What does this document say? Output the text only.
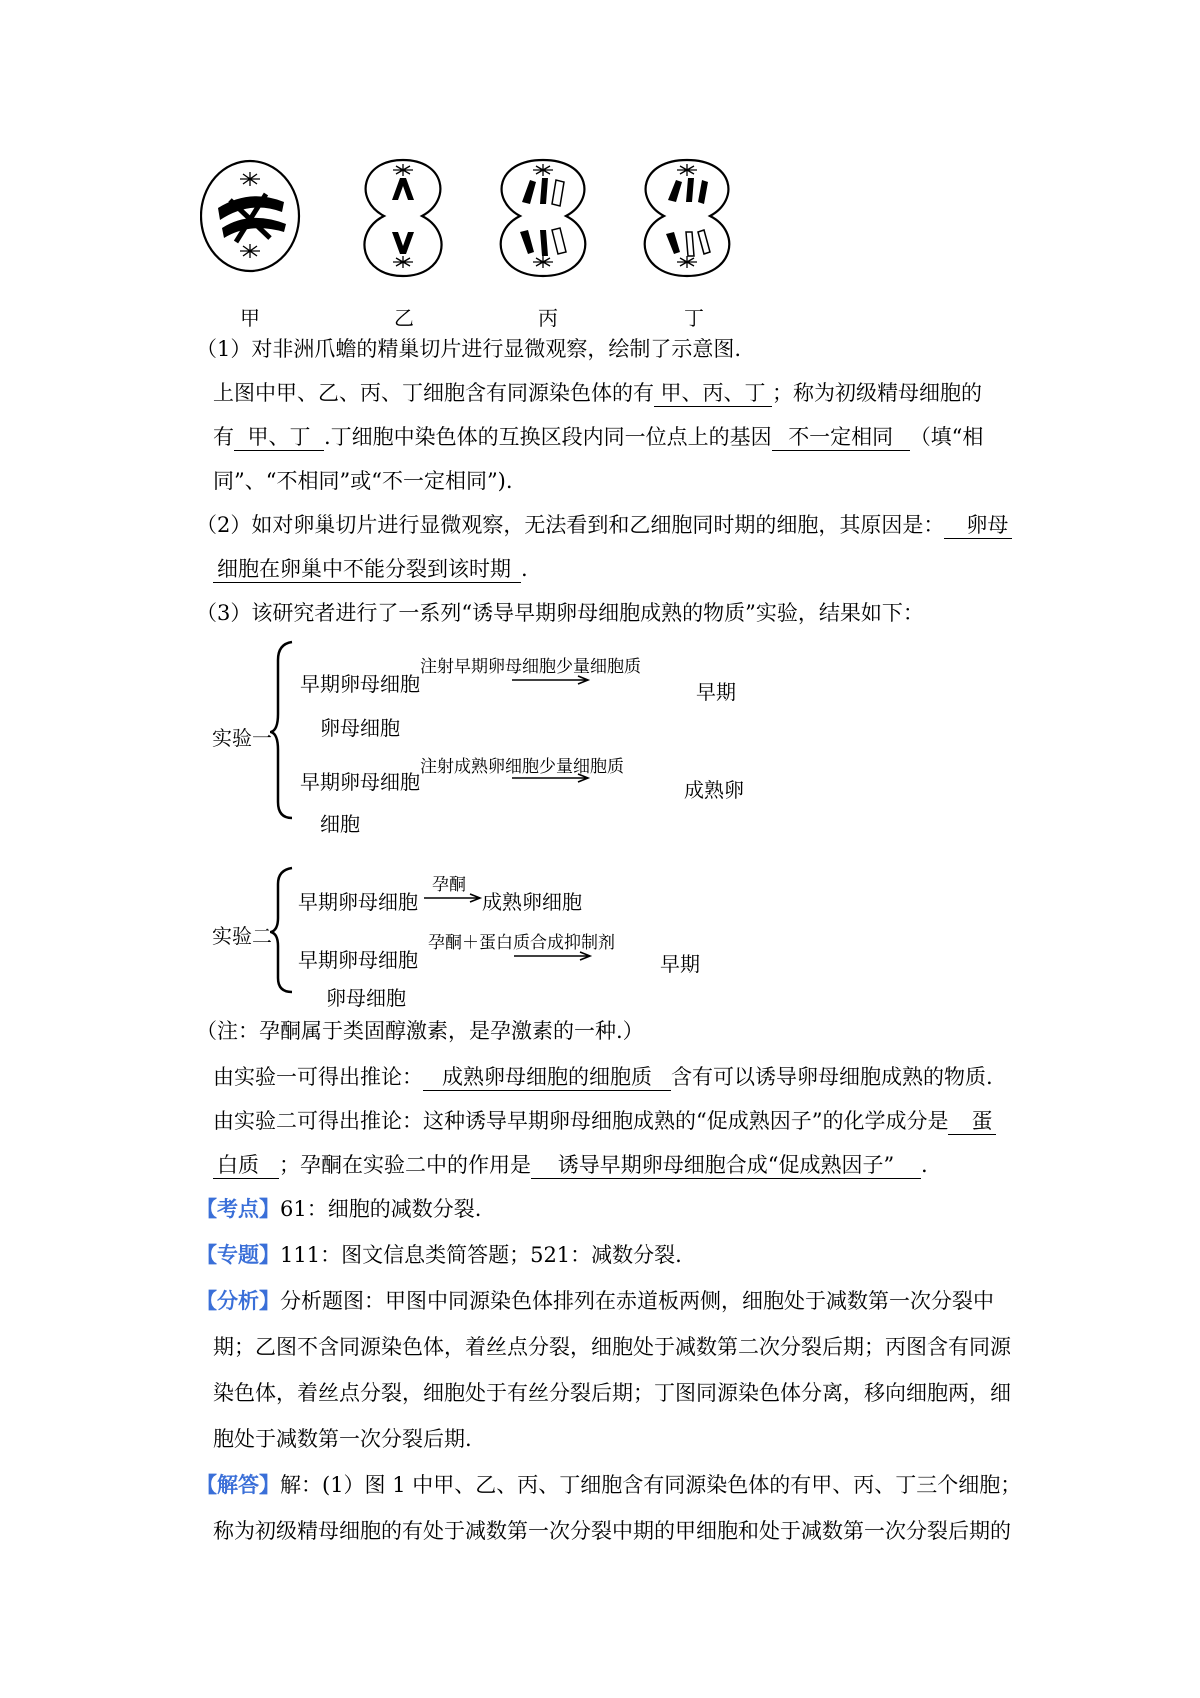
甲	乙	丙	丁
（1）对非洲爪蟾的精巢切片进行显微观察，绘制了示意图.
上图中甲、乙、丙、丁细胞含有同源染色体的有 甲、丙、丁 ；称为初级精母细胞的
有 甲、丁 .丁细胞中染色体的互换区段内同一位点上的基因 不一定相同 （填“相
同”、“不相同”或“不一定相同”).
（2）如对卵巢切片进行显微观察，无法看到和乙细胞同时期的细胞，其原因是： 卵母
细胞在卵巢中不能分裂到该时期 .
（3）该研究者进行了一系列“诱导早期卵母细胞成熟的物质”实验，结果如下：
实验一
早期卵母细胞
注射早期卵母细胞少量细胞质
早期
卵母细胞
早期卵母细胞
注射成熟卵细胞少量细胞质
成熟卵
细胞
实验二
早期卵母细胞
孕酮
成熟卵细胞
早期卵母细胞
孕酮＋蛋白质合成抑制剂
早期
卵母细胞
（注：孕酮属于类固醇激素，是孕激素的一种.）
由实验一可得出推论： 成熟卵母细胞的细胞质 含有可以诱导卵母细胞成熟的物质.
由实验二可得出推论：这种诱导早期卵母细胞成熟的“促成熟因子”的化学成分是 蛋
白质 ；孕酮在实验二中的作用是 诱导早期卵母细胞合成“促成熟因子” .
【考点】61：细胞的减数分裂.
【专题】111：图文信息类简答题；521：减数分裂.
【分析】分析题图：甲图中同源染色体排列在赤道板两侧，细胞处于减数第一次分裂中
期；乙图不含同源染色体，着丝点分裂，细胞处于减数第二次分裂后期；丙图含有同源
染色体，着丝点分裂，细胞处于有丝分裂后期；丁图同源染色体分离，移向细胞两，细
胞处于减数第一次分裂后期.
【解答】解：(1）图 1 中甲、乙、丙、丁细胞含有同源染色体的有甲、丙、丁三个细胞；
称为初级精母细胞的有处于减数第一次分裂中期的甲细胞和处于减数第一次分裂后期的
